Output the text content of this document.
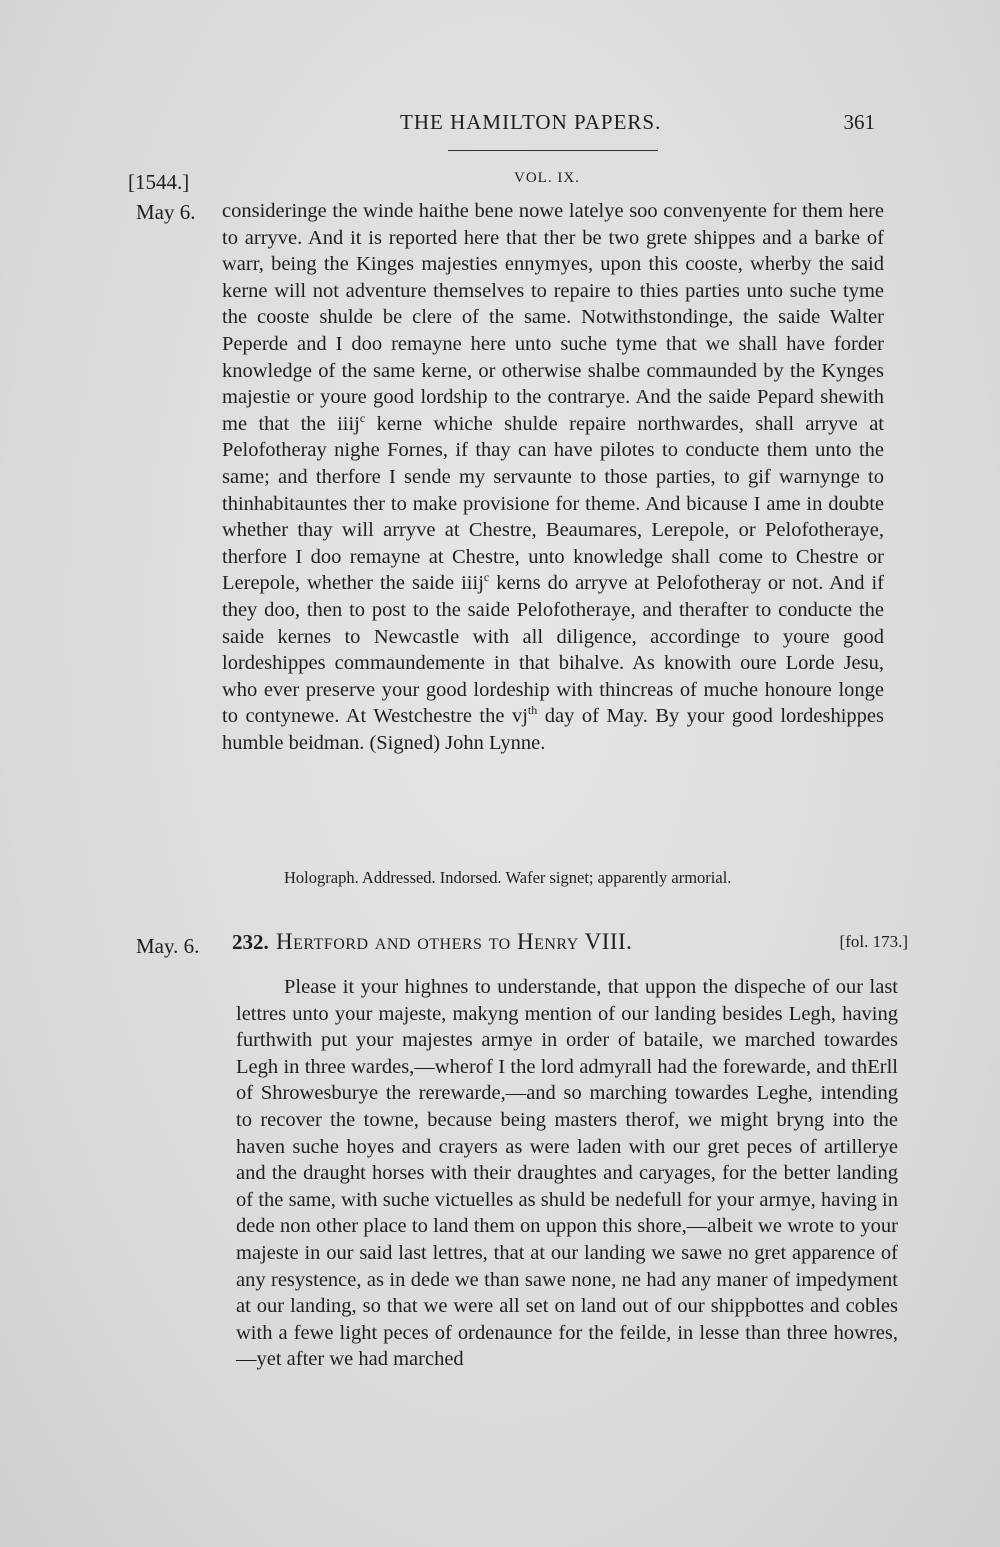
THE HAMILTON PAPERS.	361
[1544.]	VOL. IX.
May 6. consideringe the winde haithe bene nowe latelye soo convenyente for them here to arryve. And it is reported here that ther be two grete shippes and a barke of warr, being the Kinges majesties ennymyes, upon this cooste, wherby the said kerne will not adventure themselves to repaire to thies parties unto suche tyme the cooste shulde be clere of the same. Notwithstondinge, the saide Walter Peperde and I doo remayne here unto suche tyme that we shall have forder knowledge of the same kerne, or otherwise shalbe commaunded by the Kynges majestie or youre good lordship to the contrarye. And the saide Pepard shewith me that the iiij$^c$ kerne whiche shulde repaire northwardes, shall arryve at Pelofotheray nighe Fornes, if thay can have pilotes to conducte them unto the same; and therfore I sende my servaunte to those parties, to gif warnynge to thinhabitauntes ther to make provisione for theme. And bicause I ame in doubte whether thay will arryve at Chestre, Beaumares, Lerepole, or Pelofotheraye, therfore I doo remayne at Chestre, unto knowledge shall come to Chestre or Lerepole, whether the saide iiij$^c$ kerns do arryve at Pelofotheray or not. And if they doo, then to post to the saide Pelofotheraye, and therafter to conducte the saide kernes to Newcastle with all diligence, accordinge to youre good lordeshippes commaundemente in that bihalve. As knowith oure Lorde Jesu, who ever preserve your good lordeship with thincreas of muche honoure longe to contynewe. At Westchestre the $vj^{th}$ day of May. By your good lordeshippes humble beidman. (Signed) John Lynne.

Holograph. Addressed. Indorsed. Wafer signet; apparently armorial.
May. 6. 232. Hertford and others to Henry VIII.	[fol. 173.]

Please it your highnes to understande, that uppon the dispeche of our last lettres unto your majeste, makyng mention of our landing besides Legh, having furthwith put your majestes armye in order of bataile, we marched towardes Legh in three wardes,—wherof I the lord admyrall had the forewarde, and thErll of Shrowesburye the rerewarde,—and so marching towardes Leghe, intending to recover the towne, because being masters therof, we might bryng into the haven suche hoyes and crayers as were laden with our gret peces of artillerye and the draught horses with their draughtes and caryages, for the better landing of the same, with suche victuelles as shuld be nedefull for your armye, having in dede non other place to land them on uppon this shore,—albeit we wrote to your majeste in our said last lettres, that at our landing we sawe no gret apparence of any resystence, as in dede we than sawe none, ne had any maner of impedyment at our landing, so that we were all set on land out of our shippbottes and cobles with a fewe light peces of ordenaunce for the feilde, in lesse than three howres,—yet after we had marched
